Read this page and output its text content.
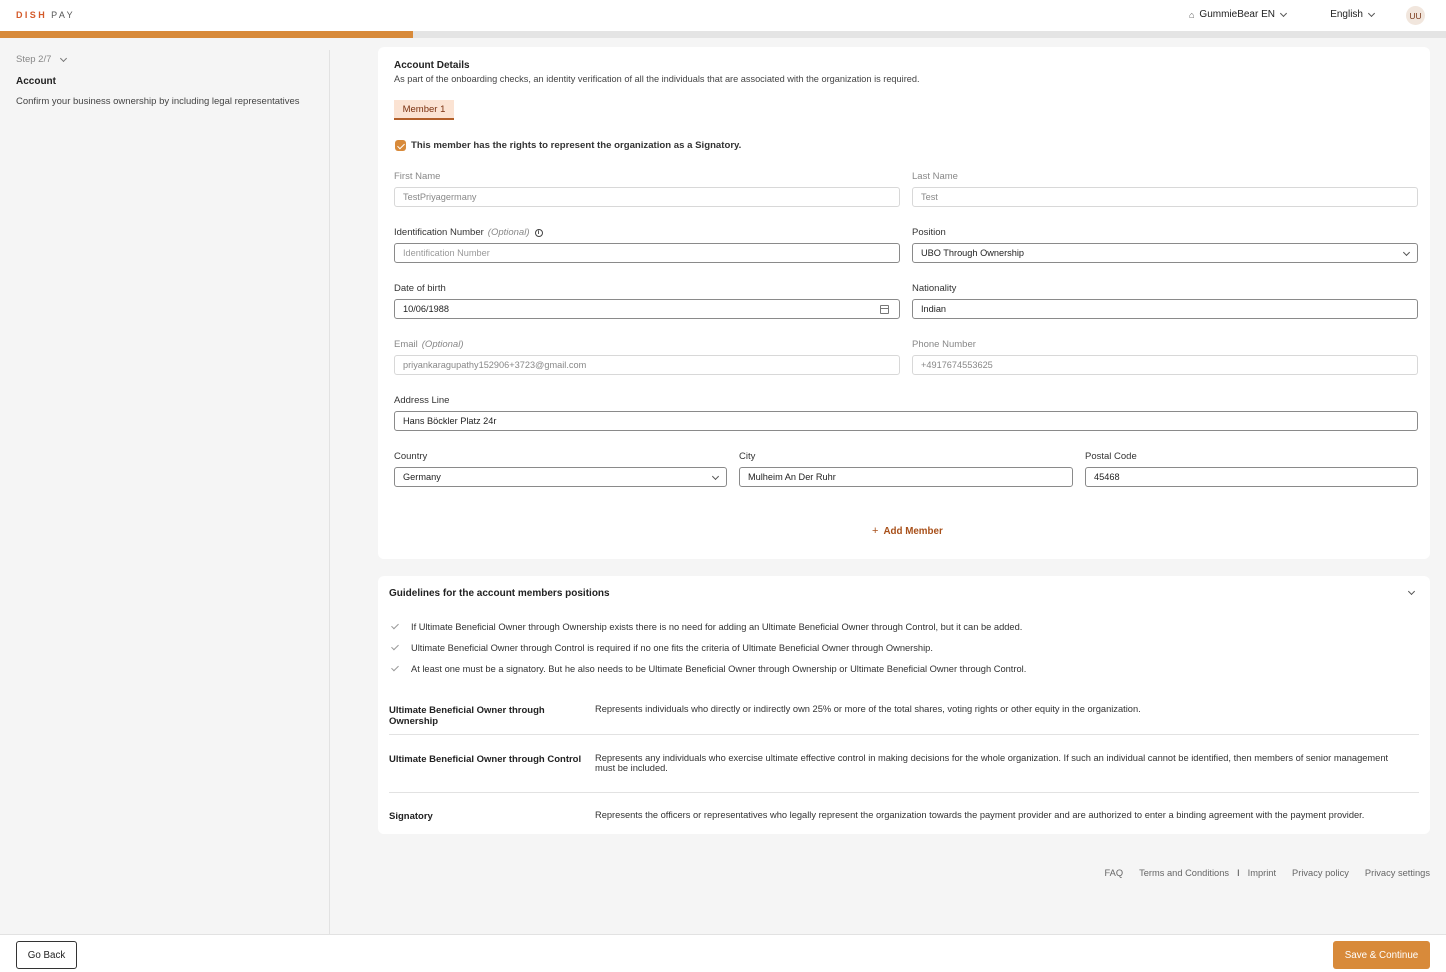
DISH PAY	⌂ GummieBear EN	English	UU
Step 2/7
Account
Confirm your business ownership by including legal representatives
Account Details
As part of the onboarding checks, an identity verification of all the individuals that are associated with the organization is required.
Member 1
This member has the rights to represent the organization as a Signatory.
First Name
TestPriyagermany
Last Name
Test
Identification Number (Optional)	i
Identification Number
Position
UBO Through Ownership
Date of birth
10/06/1988
Nationality
Indian
Email (Optional)
priyankaragupathy152906+3723@gmail.com
Phone Number
+4917674553625
Address Line
Hans Böckler Platz 24r
Country
Germany
City
Mulheim An Der Ruhr
Postal Code
45468
+ Add Member
Guidelines for the account members positions
If Ultimate Beneficial Owner through Ownership exists there is no need for adding an Ultimate Beneficial Owner through Control, but it can be added.
Ultimate Beneficial Owner through Control is required if no one fits the criteria of Ultimate Beneficial Owner through Ownership.
At least one must be a signatory. But he also needs to be Ultimate Beneficial Owner through Ownership or Ultimate Beneficial Owner through Control.
Ultimate Beneficial Owner through Ownership
Represents individuals who directly or indirectly own 25% or more of the total shares, voting rights or other equity in the organization.
Ultimate Beneficial Owner through Control	Represents any individuals who exercise ultimate effective control in making decisions for the whole organization. If such an individual cannot be identified, then members of senior management must be included.
Signatory	Represents the officers or representatives who legally represent the organization towards the payment provider and are authorized to enter a binding agreement with the payment provider.
FAQ Terms and Conditions I Imprint Privacy policy Privacy settings
Go Back	Save & Continue
